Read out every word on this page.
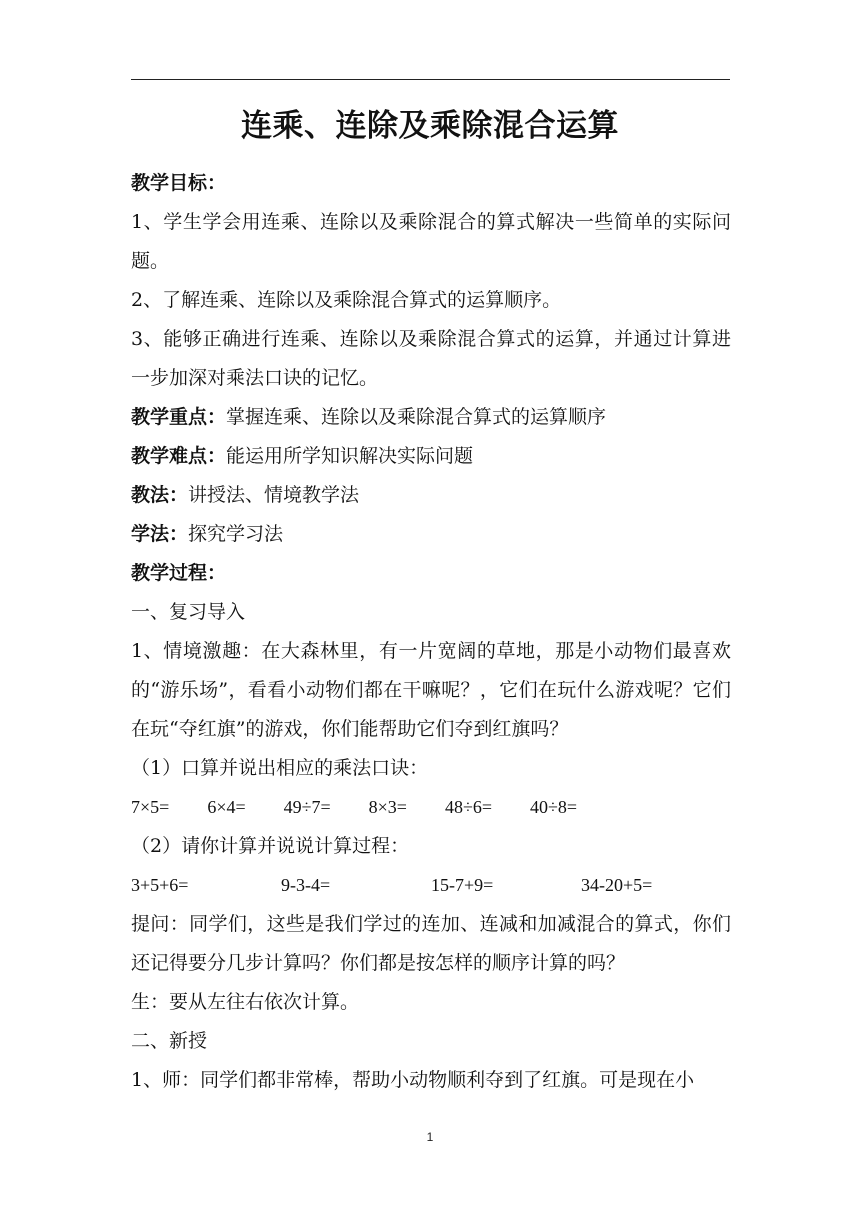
连乘、连除及乘除混合运算

教学目标：

1、学生学会用连乘、连除以及乘除混合的算式解决一些简单的实际问题。

2、了解连乘、连除以及乘除混合算式的运算顺序。

3、能够正确进行连乘、连除以及乘除混合算式的运算，并通过计算进一步加深对乘法口诀的记忆。

教学重点：掌握连乘、连除以及乘除混合算式的运算顺序

教学难点：能运用所学知识解决实际问题

教法：讲授法、情境教学法

学法：探究学习法

教学过程：

一、复习导入

1、情境激趣：在大森林里，有一片宽阔的草地，那是小动物们最喜欢的“游乐场”，看看小动物们都在干嘛呢？，它们在玩什么游戏呢？它们在玩“夺红旗”的游戏，你们能帮助它们夺到红旗吗？

（1）口算并说出相应的乘法口诀：

7×5= 6×4= 49÷7= 8×3= 48÷6= 40÷8=

（2）请你计算并说说计算过程：

3+5+6=	9-3-4=	15-7+9=	34-20+5=

提问：同学们，这些是我们学过的连加、连减和加减混合的算式，你们还记得要分几步计算吗？你们都是按怎样的顺序计算的吗？

生：要从左往右依次计算。

二、新授

1、师：同学们都非常棒，帮助小动物顺利夺到了红旗。可是现在小

1
